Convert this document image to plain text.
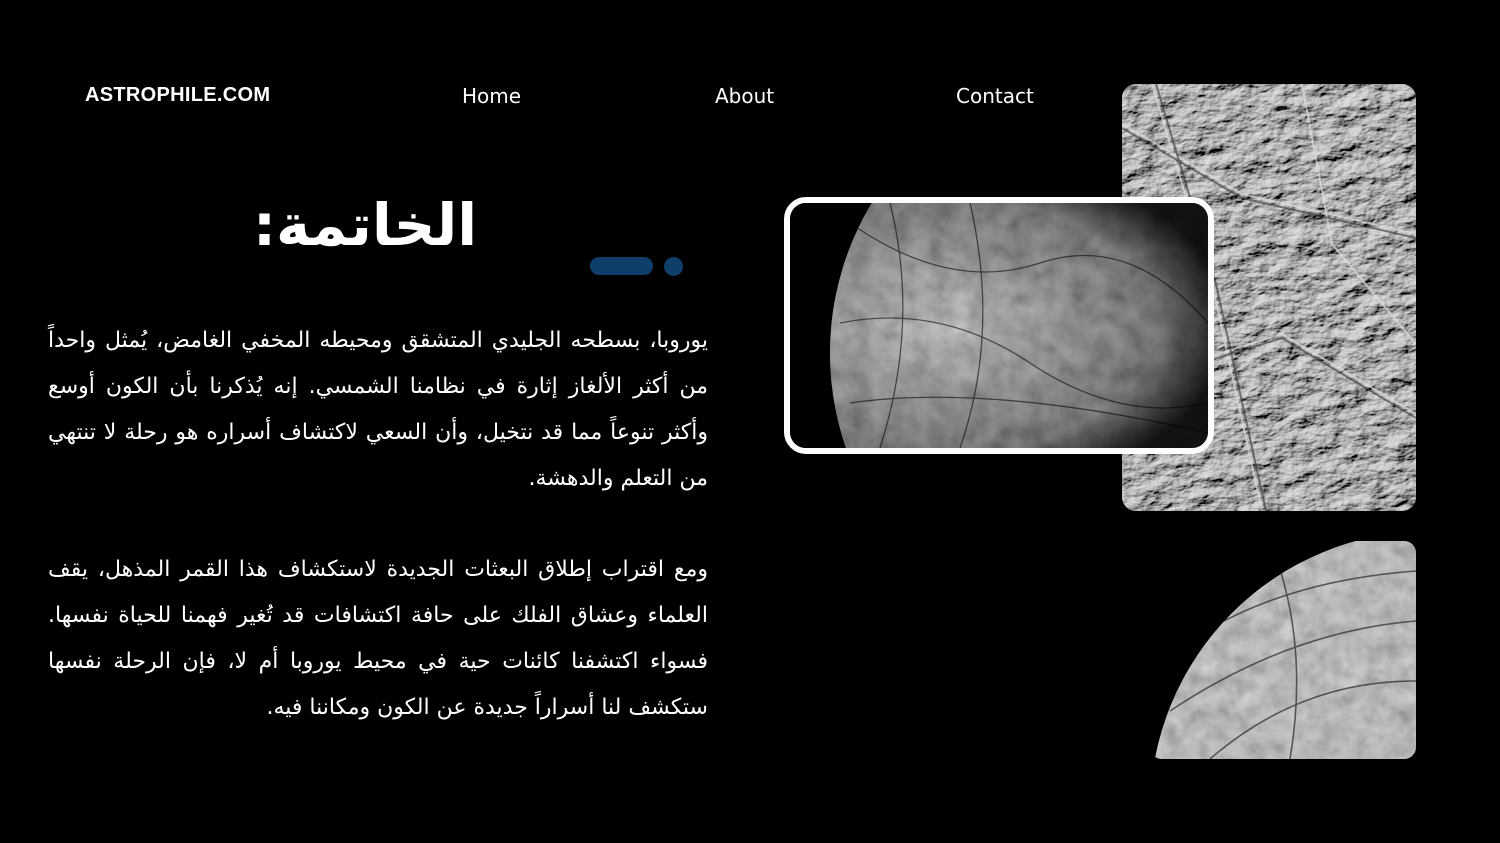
ASTROPHILE.COM	Home	About	Contact
الخاتمة:

يوروبا، بسطحه الجليدي المتشقق ومحيطه المخفي الغامض، يُمثل واحداً من أكثر الألغاز إثارة في نظامنا الشمسي. إنه يُذكرنا بأن الكون أوسع وأكثر تنوعاً مما قد نتخيل، وأن السعي لاكتشاف أسراره هو رحلة لا تنتهي من التعلم والدهشة.

ومع اقتراب إطلاق البعثات الجديدة لاستكشاف هذا القمر المذهل، يقف العلماء وعشاق الفلك على حافة اكتشافات قد تُغير فهمنا للحياة نفسها. فسواء اكتشفنا كائنات حية في محيط يوروبا أم لا، فإن الرحلة نفسها ستكشف لنا أسراراً جديدة عن الكون ومكاننا فيه.
